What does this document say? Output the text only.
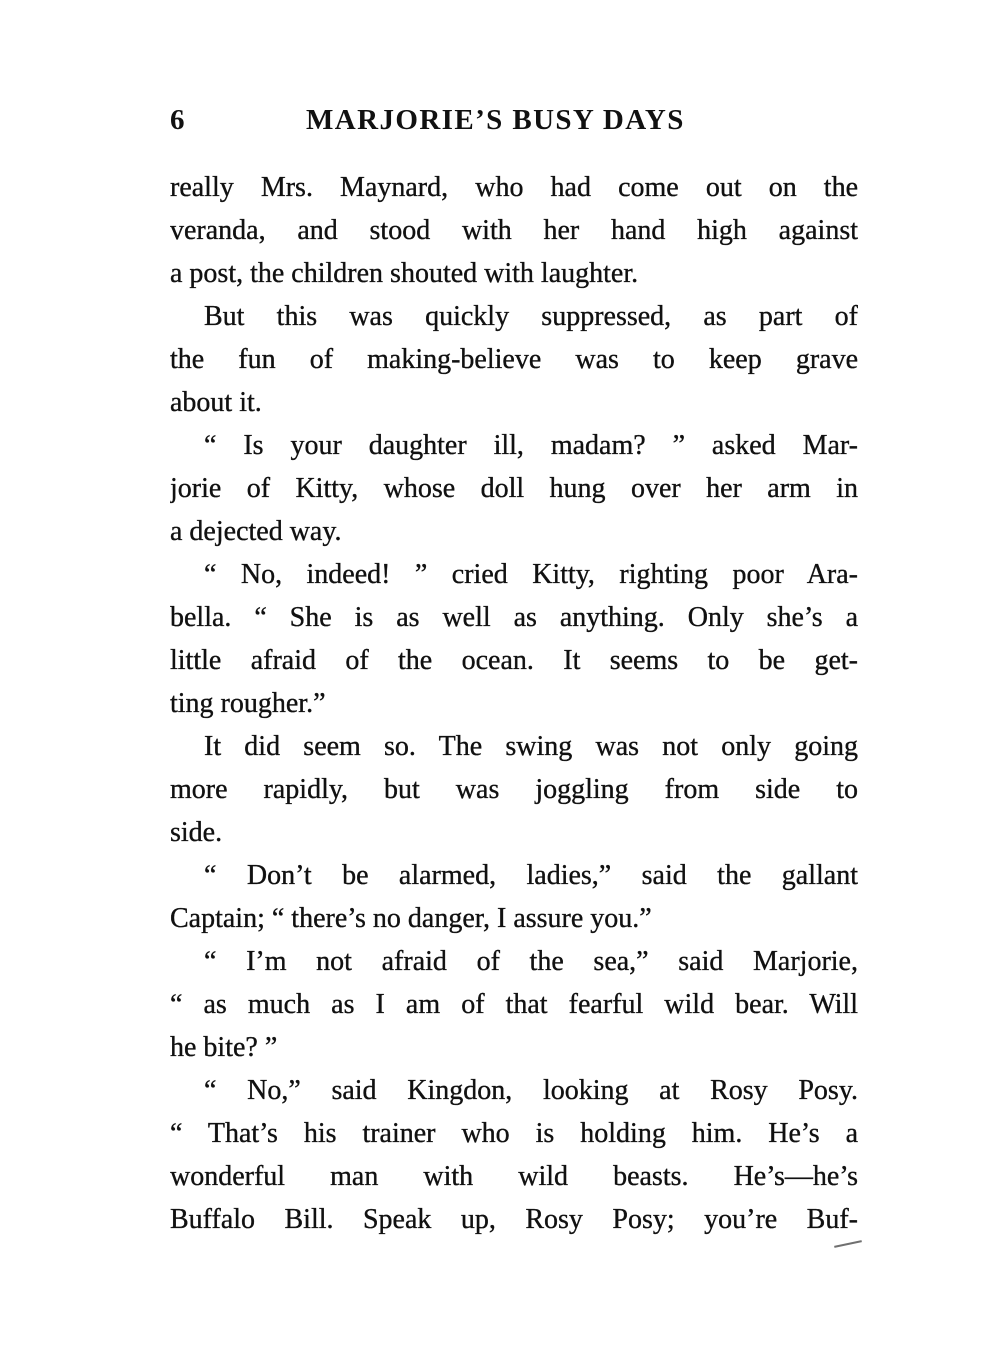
6	MARJORIE’S BUSY DAYS
really Mrs. Maynard, who had come out on the
veranda, and stood with her hand high against
a post, the children shouted with laughter.
But this was quickly suppressed, as part of
the fun of making-believe was to keep grave
about it.
“ Is your daughter ill, madam? ” asked Mar-
jorie of Kitty, whose doll hung over her arm in
a dejected way.
“ No, indeed! ” cried Kitty, righting poor Ara-
bella. “ She is as well as anything. Only she’s a
little afraid of the ocean. It seems to be get-
ting rougher.”
It did seem so. The swing was not only going
more rapidly, but was joggling from side to
side.
“ Don’t be alarmed, ladies,” said the gallant
Captain; “ there’s no danger, I assure you.”
“ I’m not afraid of the sea,” said Marjorie,
“ as much as I am of that fearful wild bear. Will
he bite? ”
“ No,” said Kingdon, looking at Rosy Posy.
“ That’s his trainer who is holding him. He’s a
wonderful man with wild beasts. He’s—he’s
Buffalo Bill. Speak up, Rosy Posy; you’re Buf-
